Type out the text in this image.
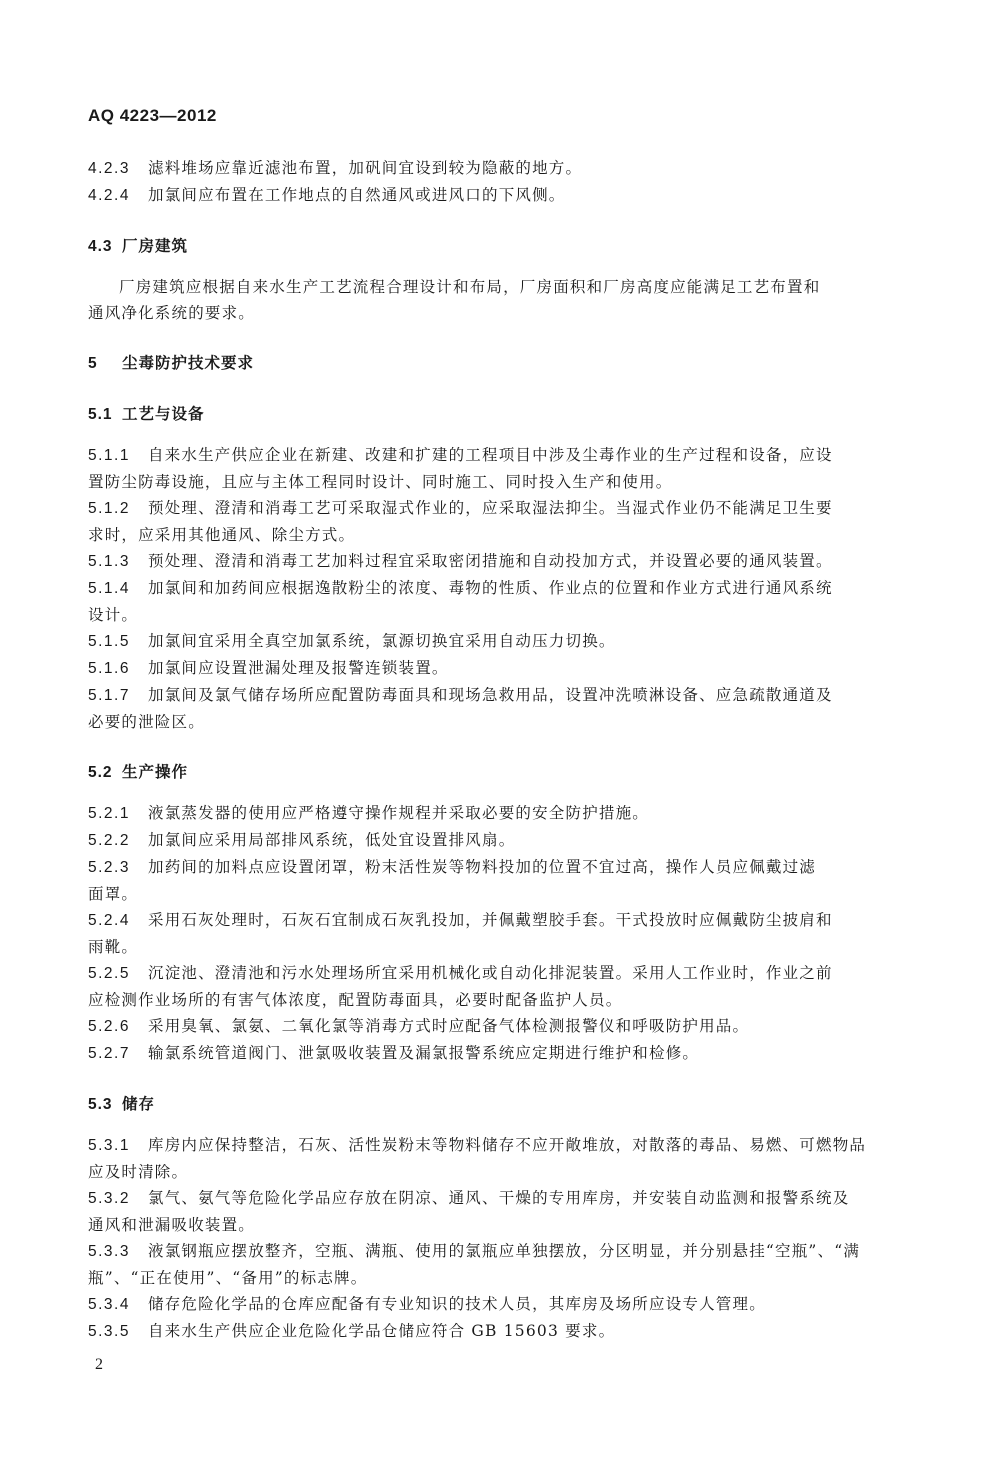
AQ 4223—2012

4.2.3 滤料堆场应靠近滤池布置，加矾间宜设到较为隐蔽的地方。

4.2.4 加氯间应布置在工作地点的自然通风或进风口的下风侧。

4.3 厂房建筑

厂房建筑应根据自来水生产工艺流程合理设计和布局，厂房面积和厂房高度应能满足工艺布置和

通风净化系统的要求。

5 尘毒防护技术要求

5.1 工艺与设备

5.1.1 自来水生产供应企业在新建、改建和扩建的工程项目中涉及尘毒作业的生产过程和设备，应设

置防尘防毒设施，且应与主体工程同时设计、同时施工、同时投入生产和使用。

5.1.2 预处理、澄清和消毒工艺可采取湿式作业的，应采取湿法抑尘。当湿式作业仍不能满足卫生要

求时，应采用其他通风、除尘方式。

5.1.3 预处理、澄清和消毒工艺加料过程宜采取密闭措施和自动投加方式，并设置必要的通风装置。

5.1.4 加氯间和加药间应根据逸散粉尘的浓度、毒物的性质、作业点的位置和作业方式进行通风系统

设计。

5.1.5 加氯间宜采用全真空加氯系统，氯源切换宜采用自动压力切换。

5.1.6 加氯间应设置泄漏处理及报警连锁装置。

5.1.7 加氯间及氯气储存场所应配置防毒面具和现场急救用品，设置冲洗喷淋设备、应急疏散通道及

必要的泄险区。

5.2 生产操作

5.2.1 液氯蒸发器的使用应严格遵守操作规程并采取必要的安全防护措施。

5.2.2 加氯间应采用局部排风系统，低处宜设置排风扇。

5.2.3 加药间的加料点应设置闭罩，粉末活性炭等物料投加的位置不宜过高，操作人员应佩戴过滤

面罩。

5.2.4 采用石灰处理时，石灰石宜制成石灰乳投加，并佩戴塑胶手套。干式投放时应佩戴防尘披肩和

雨靴。

5.2.5 沉淀池、澄清池和污水处理场所宜采用机械化或自动化排泥装置。采用人工作业时，作业之前

应检测作业场所的有害气体浓度，配置防毒面具，必要时配备监护人员。

5.2.6 采用臭氧、氯氨、二氧化氯等消毒方式时应配备气体检测报警仪和呼吸防护用品。

5.2.7 输氯系统管道阀门、泄氯吸收装置及漏氯报警系统应定期进行维护和检修。

5.3 储存

5.3.1 库房内应保持整洁，石灰、活性炭粉末等物料储存不应开敞堆放，对散落的毒品、易燃、可燃物品

应及时清除。

5.3.2 氯气、氨气等危险化学品应存放在阴凉、通风、干燥的专用库房，并安装自动监测和报警系统及

通风和泄漏吸收装置。

5.3.3 液氯钢瓶应摆放整齐，空瓶、满瓶、使用的氯瓶应单独摆放，分区明显，并分别悬挂“空瓶”、“满

瓶”、“正在使用”、“备用”的标志牌。

5.3.4 储存危险化学品的仓库应配备有专业知识的技术人员，其库房及场所应设专人管理。

5.3.5 自来水生产供应企业危险化学品仓储应符合 GB 15603 要求。

2
